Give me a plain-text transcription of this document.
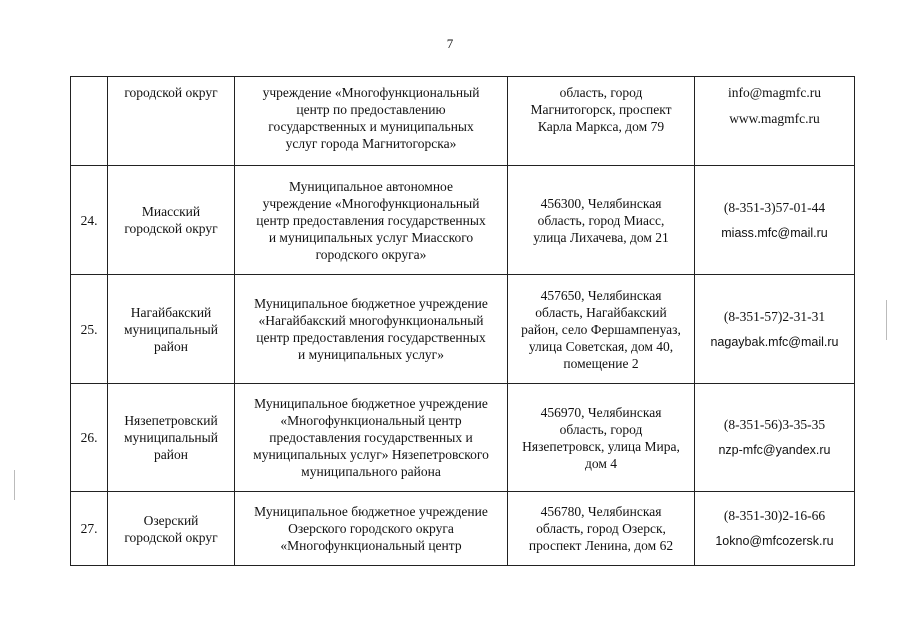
7

	городской округ	учреждение «Многофункциональный
центр по предоставлению
государственных и муниципальных
услуг города Магнитогорска»	область, город
Магнитогорск, проспект
Карла Маркса, дом 79	info@magmfc.ru
www.magmfc.ru

24.	Миасский
городской округ	Муниципальное автономное
учреждение «Многофункциональный
центр предоставления государственных
и муниципальных услуг Миасского
городского округа»	456300, Челябинская
область, город Миасс,
улица Лихачева, дом 21	(8-351-3)57-01-44
miass.mfc@mail.ru

25.	Нагайбакский
муниципальный
район	Муниципальное бюджетное учреждение
«Нагайбакский многофункциональный
центр предоставления государственных
и муниципальных услуг»	457650, Челябинская
область, Нагайбакский
район, село Фершампенуаз,
улица Советская, дом 40,
помещение 2	(8-351-57)2-31-31
nagaybak.mfc@mail.ru

26.	Нязепетровский
муниципальный
район	Муниципальное бюджетное учреждение
«Многофункциональный центр
предоставления государственных и
муниципальных услуг» Нязепетровского
муниципального района	456970, Челябинская
область, город
Нязепетровск, улица Мира,
дом 4	(8-351-56)3-35-35
nzp-mfc@yandex.ru

27.	Озерский
городской округ	Муниципальное бюджетное учреждение
Озерского городского округа
«Многофункциональный центр	456780, Челябинская
область, город Озерск,
проспект Ленина, дом 62	(8-351-30)2-16-66
1okno@mfcozersk.ru
